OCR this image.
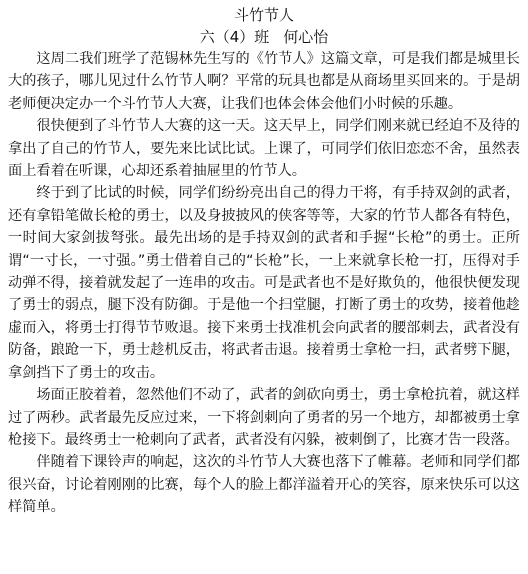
斗竹节人
六（4）班 何心怡

这周二我们班学了范锡林先生写的《竹节人》这篇文章，可是我们都是城里长大的孩子，哪儿见过什么竹节人啊？平常的玩具也都是从商场里买回来的。于是胡老师便决定办一个斗竹节人大赛，让我们也体会体会他们小时候的乐趣。

很快便到了斗竹节人大赛的这一天。这天早上，同学们刚来就已经迫不及待的拿出了自己的竹节人，要先来比试比试。上课了，可同学们依旧恋恋不舍，虽然表面上看着在听课，心却还系着抽屉里的竹节人。

终于到了比试的时候，同学们纷纷亮出自己的得力干将，有手持双剑的武者，还有拿铅笔做长枪的勇士，以及身披披风的侠客等等，大家的竹节人都各有特色，一时间大家剑拔弩张。最先出场的是手持双剑的武者和手握“长枪”的勇士。正所谓“一寸长，一寸强。”勇士借着自己的“长枪”长，一上来就拿长枪一打，压得对手动弹不得，接着就发起了一连串的攻击。可是武者也不是好欺负的，他很快便发现了勇士的弱点，腿下没有防御。于是他一个扫堂腿，打断了勇士的攻势，接着他趁虚而入，将勇士打得节节败退。接下来勇士找准机会向武者的腰部刺去，武者没有防备，踉跄一下，勇士趁机反击，将武者击退。接着勇士拿枪一扫，武者劈下腿，拿剑挡下了勇士的攻击。

场面正胶着着，忽然他们不动了，武者的剑砍向勇士，勇士拿枪抗着，就这样过了两秒。武者最先反应过来，一下将剑刺向了勇者的另一个地方，却都被勇士拿枪接下。最终勇士一枪刺向了武者，武者没有闪躲，被刺倒了，比赛才告一段落。

伴随着下课铃声的响起，这次的斗竹节人大赛也落下了帷幕。老师和同学们都很兴奋，讨论着刚刚的比赛，每个人的脸上都洋溢着开心的笑容，原来快乐可以这样简单。
